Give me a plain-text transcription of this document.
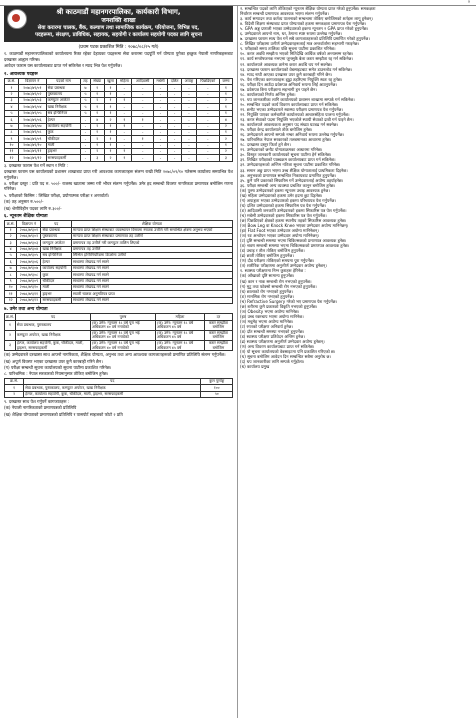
२
श्री काठमाडौं महानगरपालिका, कार्यकारी विभाग,
जनशक्ति शाखा
सेवा करारमा चालक, बैंक, कल्याण तथा सामाजिक कार्यक्रम, परियोजना, विभिन्न पद,
पदहरूमा, संरक्षण, प्राविधिक, सहायक, सहयोगी र कार्यालय सहयोगी पदका लागि सूचना
(प्रथम पटक प्रकाशित मिति : २०७८/०८/२५ गते)
१. काठमाडौं महानगरपालिकाको कार्यालयमा रिक्त रहेका देहायका पदहरूमा सेवा करारमा पदपूर्ति गर्न योग्यता पुगेका इच्छुक नेपाली नागरिकहरूबाट दरखास्त आह्वान गरिन्छ।
आवेदन फाराम यस कार्यालयबाट प्राप्त गर्न सकिनेछ र म्याद भित्र पेश गर्नुपर्नेछ।
२. आवश्यक पदहरू
क्र.सं.	विज्ञापन नं	पदको नाम	तह	संख्या	खुला	महिला	आदिवासी	मधेसी	दलित	अपाङ्ग	पिछडिएको	जम्मा
१	२०७८/७९/०१	सेवा प्रबन्धक	७	१	१	-	-	-	-	-	-	१
२	२०७८/७९/०२	पुस्तकालय	५	१	१	-	-	-	-	-	-	१
३	२०७८/७९/०३	कम्प्युटर अपरेटर	५	२	१	१	-	-	-	-	-	२
४	२०७८/७९/०४	खाद्य निरीक्षक	५	१	१	-	-	-	-	-	-	१
५	२०७८/७९/०५	सब इन्जिनियर	५	१	१	-	-	-	-	-	-	१
६	२०७८/७९/०६	हेल्पर	-	४	२	१	१	-	-	-	-	४
७	२०७८/७९/०७	कार्यालय सहयोगी	-	२	१	१	-	-	-	-	-	२
८	२०७८/७९/०८	कुक	-	१	१	-	-	-	-	-	-	१
९	२०७८/७९/०९	चौकीदार	-	२	१	-	१	-	-	-	-	२
१०	२०७८/७९/१०	माली	-	१	१	-	-	-	-	-	-	१
११	२०७८/७९/११	ड्राइभर	-	२	१	१	-	-	-	-	-	२
१२	२०७८/७९/१२	सरसफाइकर्मी	-	३	२	१	-	-	-	-	-	३
३. दरखास्त फाराम पेश गर्ने स्थान र मिति :
दरखास्त फाराम यस कार्यालयको प्रशासन शाखाबाट प्राप्त गरी आवश्यक कागजातहरू संलग्न राखी मिति २०७८/०९/१० गतेसम्म कार्यालय समयभित्र पेश गर्नुपर्नेछ।
४. परीक्षा दस्तुर : प्रति पद रु. ५००/- राजस्व खातामा जम्मा गरी भौचर संलग्न गर्नुपर्नेछ। उमेर हद सम्बन्धी विवरण नागरिकता प्रमाणपत्र बमोजिम गणना गरिनेछ।
५. परीक्षाको किसिम : लिखित परीक्षा, प्रयोगात्मक परीक्षा र अन्तर्वार्ता।
(क) तह अनुसार रु.५००/-
(ख) श्रेणीविहीन पदका लागि रु.३००/-
६. न्यूनतम शैक्षिक योग्यता
क्र.सं.	विज्ञापन नं	पद	शैक्षिक योग्यता
१	२०७८/७९/०१	सेवा प्रबन्धक	मान्यता प्राप्त शिक्षण संस्थाबाट व्यवस्थापन विषयमा स्नातक उत्तीर्ण गरी सम्बन्धित क्षेत्रमा अनुभव भएको
२	२०७८/७९/०२	पुस्तकालय	मान्यता प्राप्त शिक्षण संस्थाबाट प्रमाणपत्र तह उत्तीर्ण
३	२०७८/७९/०३	कम्प्युटर अपरेटर	प्रमाणपत्र तह उत्तीर्ण गरी कम्प्युटर तालिम लिएको
४	२०७८/७९/०४	खाद्य निरीक्षक	प्रमाणपत्र तह उत्तीर्ण
५	२०७८/७९/०५	सब इन्जिनियर	सिभिल इन्जिनियरिङमा डिप्लोमा उत्तीर्ण
६	२०७८/७९/०६	हेल्पर	साधारण लेखपढ गर्न सक्ने
७	२०७८/७९/०७	कार्यालय सहयोगी	साधारण लेखपढ गर्न सक्ने
८	२०७८/७९/०८	कुक	साधारण लेखपढ गर्न सक्ने
९	२०७८/७९/०९	चौकीदार	साधारण लेखपढ गर्न सक्ने
१०	२०७८/७९/१०	माली	साधारण लेखपढ गर्न सक्ने
११	२०७८/७९/११	ड्राइभर	सवारी चालक अनुमतिपत्र प्राप्त
१२	२०७८/७९/१२	सरसफाइकर्मी	साधारण लेखपढ गर्न सक्ने
७. उमेर तथा अन्य योग्यता
क्र.सं.	पद	पुरुष	महिला	दर
१	सेवा प्रबन्धक, पुस्तकालय	(क) उमेर: न्यूनतम १८ वर्ष पूरा भई अधिकतम ४० वर्ष ननाघेको	(क) उमेर: न्यूनतम १८ वर्ष अधिकतम ४५ वर्ष	करार सम्झौता बमोजिम
२	कम्प्युटर अपरेटर, खाद्य निरीक्षक	(क) उमेर: न्यूनतम १८ वर्ष पूरा भई अधिकतम ४० वर्ष ननाघेको	(क) उमेर: न्यूनतम १८ वर्ष अधिकतम ४५ वर्ष	करार सम्झौता बमोजिम
३	हेल्पर, कार्यालय सहयोगी, कुक, चौकीदार, माली, ड्राइभर, सरसफाइकर्मी	(क) उमेर: न्यूनतम १८ वर्ष पूरा भई अधिकतम ४० वर्ष ननाघेको	(क) उमेर: न्यूनतम १८ वर्ष अधिकतम ४५ वर्ष	करार सम्झौता बमोजिम
(क) उम्मेदवारले दरखास्त साथ आफ्नो नागरिकता, शैक्षिक योग्यता, अनुभव तथा अन्य आवश्यक कागजातहरूको प्रमाणित प्रतिलिपि संलग्न गर्नुपर्नेछ।
(ख) अपूर्ण विवरण भएका दरखास्त उपर कुनै कारबाही गरिने छैन।
(ग) परीक्षा सम्बन्धी सूचना कार्यालयको सूचना पाटीमा प्रकाशित गरिनेछ।
८. पारिश्रमिक : नेपाल सरकारको नियमानुसार तोकिए बमोजिम हुनेछ।
क्र.सं.	पद	कुल पूर्णाङ्क
१	सेवा प्रबन्धक, पुस्तकालय, कम्प्युटर अपरेटर, खाद्य निरीक्षक	१००
२	हेल्पर, कार्यालय सहयोगी, कुक, चौकीदार, माली, ड्राइभर, सरसफाइकर्मी	५०
९. दरखास्त साथ पेश गर्नुपर्ने कागजातहरू :
(क) नेपाली नागरिकताको प्रमाणपत्रको प्रतिलिपि
(ख) शैक्षिक योग्यताको प्रमाणपत्रको प्रतिलिपि र पासपोर्ट साइजको फोटो २ प्रति
२. सम्बन्धित पदको लागि तोकिएको न्यूनतम शैक्षिक योग्यता प्राप्त गरेको हुनुपर्नेछ। समकक्षता
निर्धारण सम्बन्धी प्रमाणपत्र आवश्यक भएमा संलग्न गर्नुपर्नेछ।
३. कार्य सम्पादन तथा कर्तव्य पालनाको सम्बन्धमा तोकिए बमोजिमको शर्तहरू लागू हुनेछन्।
४. विदेशी शिक्षण संस्थाबाट प्राप्त योग्यताको हकमा समकक्षता प्रमाणपत्र पेश गर्नुपर्नेछ।
५. GPA अङ्क प्रणाली भएका उम्मेदवारको हकमा न्यूनतम २ GPA प्राप्त गरेको हुनुपर्नेछ।
६. उम्मेदवारले आफ्नो नाम, थर, ठेगाना स्पष्ट रूपमा उल्लेख गर्नुपर्नेछ।
७. दरखास्त फाराम साथ पेश गर्ने सबै कागजातहरूको प्रतिलिपि प्रमाणित गरेको हुनुपर्नेछ।
८. लिखित परीक्षामा उत्तीर्ण उम्मेदवारहरूलाई मात्र अन्तर्वार्तामा सहभागी गराइनेछ।
९. परीक्षाको समय तालिका पछि सूचना पाटीमा प्रकाशित गरिनेछ।
१०. करार अवधि सम्झौता भएको मितिदेखि आर्थिक वर्षको अन्त्यसम्म रहनेछ।
११. कार्य सन्तोषजनक नभएमा जुनसुकै बेला करार सम्झौता रद्द गर्न सकिनेछ।
१२. कार्यालयले आवश्यक ठानेमा करार अवधि थप गर्न सक्नेछ।
१३. दरखास्त फाराम कार्यालयको वेबसाइटबाट समेत डाउनलोड गर्न सकिनेछ।
१४. म्याद नाघी आएका दरखास्त उपर कुनै कारबाही गरिने छैन।
१५. पेश गरिएका कागजातहरू झुट्टा ठहरिएमा नियुक्ति स्वतः रद्द हुनेछ।
१६. परीक्षा दिन आउँदा प्रवेशपत्र अनिवार्य रूपमा लिई आउनुपर्नेछ।
१७. प्रवेशपत्र बिना परीक्षामा सहभागी हुन पाइने छैन।
१८. कार्यालयको निर्णय अन्तिम हुनेछ।
१९. थप जानकारीका लागि कार्यालयको प्रशासन शाखामा सम्पर्क गर्न सकिनेछ।
२०. सम्बन्धित पदको कार्य विवरण कार्यालयबाट प्राप्त गर्न सकिनेछ।
२१. छनौट भएका उम्मेदवारले स्वास्थ्य परीक्षण प्रमाणपत्र पेश गर्नुपर्नेछ।
२२. नियुक्ति पाएका कर्मचारीले कार्यालयको आचारसंहिता पालना गर्नुपर्नेछ।
२३. करार सेवाको पदमा नियुक्ति भएकोले स्थायी सेवाको दाबी गर्न पाइने छैन।
२४. कार्यालयले आवश्यकता अनुसार पद संख्या घटबढ गर्न सक्नेछ।
२५. परीक्षा केन्द्र कार्यालयले तोके बमोजिम हुनेछ।
२६. उम्मेदवारले आफ्नो सम्पर्क नम्बर अनिवार्य रूपमा उल्लेख गर्नुपर्नेछ।
२७. पारिश्रमिक नेपाल सरकारको तलबमानका आधारमा हुनेछ।
२८. दरखास्त दस्तुर फिर्ता हुने छैन।
२९. उम्मेदवारको छनौट योग्यताक्रमका आधारमा गरिनेछ।
३०. विस्तृत जानकारी कार्यालयको सूचना पाटीमा हेर्न सकिनेछ।
३१. लिखित परीक्षाको पाठ्यक्रम कार्यालयबाट प्राप्त गर्न सकिनेछ।
३२. उम्मेदवारहरूको अन्तिम नतिजा सूचना पाटीमा प्रकाशित गरिनेछ।
३३. समान अङ्क प्राप्त भएमा उच्च शैक्षिक योग्यतालाई प्राथमिकता दिइनेछ।
३४. अनुभवको प्रमाणपत्र सम्बन्धित निकायबाट प्रमाणित हुनुपर्नेछ।
३५. कुनै पनि प्रकारको सिफारिस गर्ने उम्मेदवारलाई अयोग्य ठहर्याइनेछ।
३६. परीक्षा सम्बन्धी अन्य व्यवस्था प्रचलित कानुन बमोजिम हुनेछ।
(क) पुरुष उम्मेदवारको हकमा न्यूनतम उचाइ आवश्यक हुनेछ।
(ख) महिला उम्मेदवारको हकमा उमेर हदमा छुट दिइनेछ।
(ग) अपाङ्गता भएका उम्मेदवारको हकमा परिचयपत्र पेश गर्नुपर्नेछ।
(घ) दलित उम्मेदवारको हकमा सिफारिस पत्र पेश गर्नुपर्नेछ।
(ङ) आदिवासी जनजाति उम्मेदवारको हकमा सिफारिस पत्र पेश गर्नुपर्नेछ।
(च) मधेसी उम्मेदवारको हकमा सिफारिस पत्र पेश गर्नुपर्नेछ।
(छ) पिछडिएको क्षेत्रको हकमा स्थानीय तहको सिफारिस आवश्यक हुनेछ।
(ज) Bow Leg वा Knock Knee भएका उम्मेदवार अयोग्य मानिनेछन्।
(झ) Flat Foot भएका उम्मेदवार अयोग्य मानिनेछन्।
(ञ) रङ अन्धोपन भएका उम्मेदवार अयोग्य मानिनेछन्।
(ट) दृष्टि सम्बन्धी समस्या भएमा चिकित्सकको प्रमाणपत्र आवश्यक हुनेछ।
(ठ) श्रवण सम्बन्धी समस्या भएमा चिकित्सकको प्रमाणपत्र आवश्यक हुनेछ।
(ड) उचाइ र तौल तोकिए बमोजिम हुनुपर्नेछ।
(ढ) छाती तोकिए बमोजिम हुनुपर्नेछ।
(ण) दौड परीक्षण तोकिएको समयमा पूरा गर्नुपर्नेछ।
(त) शारीरिक परीक्षणमा अनुत्तीर्ण उम्मेदवार अयोग्य हुनेछन्।
१. स्वास्थ्य परीक्षणमा निम्न कुराहरू हेरिनेछ :
(क) आँखाको दृष्टि सामान्य हुनुपर्नेछ।
(ख) कान र नाक सम्बन्धी रोग नभएको हुनुपर्नेछ।
(ग) मुटु तथा फोक्सो सम्बन्धी रोग नभएको हुनुपर्नेछ।
(घ) छालाको रोग नभएको हुनुपर्नेछ।
(ङ) मानसिक रोग नभएको हुनुपर्नेछ।
(च) Refractive Surgery गरेको भए प्रमाणपत्र पेश गर्नुपर्नेछ।
(छ) शरीरमा कुनै प्रकारको विकृति नभएको हुनुपर्नेछ।
(ज) Obesity भएमा अयोग्य मानिनेछ।
(झ) उच्च रक्तचाप भएमा अयोग्य मानिनेछ।
(ञ) मधुमेह भएमा अयोग्य मानिनेछ।
(ट) रगतको परीक्षण अनिवार्य हुनेछ।
(ठ) दाँत सम्बन्धी समस्या नभएको हुनुपर्नेछ।
(ड) स्वास्थ्य परीक्षण प्रतिवेदन अन्तिम हुनेछ।
(ढ) स्वास्थ्य परीक्षणमा अनुत्तीर्ण उम्मेदवार अयोग्य हुनेछन्।
(ण) अन्य विवरण कार्यालयबाट प्राप्त गर्न सकिनेछ।
(त) यो सूचना कार्यालयको वेबसाइटमा पनि प्रकाशित गरिएको छ।
(थ) सूचना बमोजिम आवेदन दिन सम्बन्धित सबैमा अनुरोध छ।
(द) थप जानकारीका लागि सम्पर्क गर्नुहोला।
(ध) कार्यालय प्रमुख
